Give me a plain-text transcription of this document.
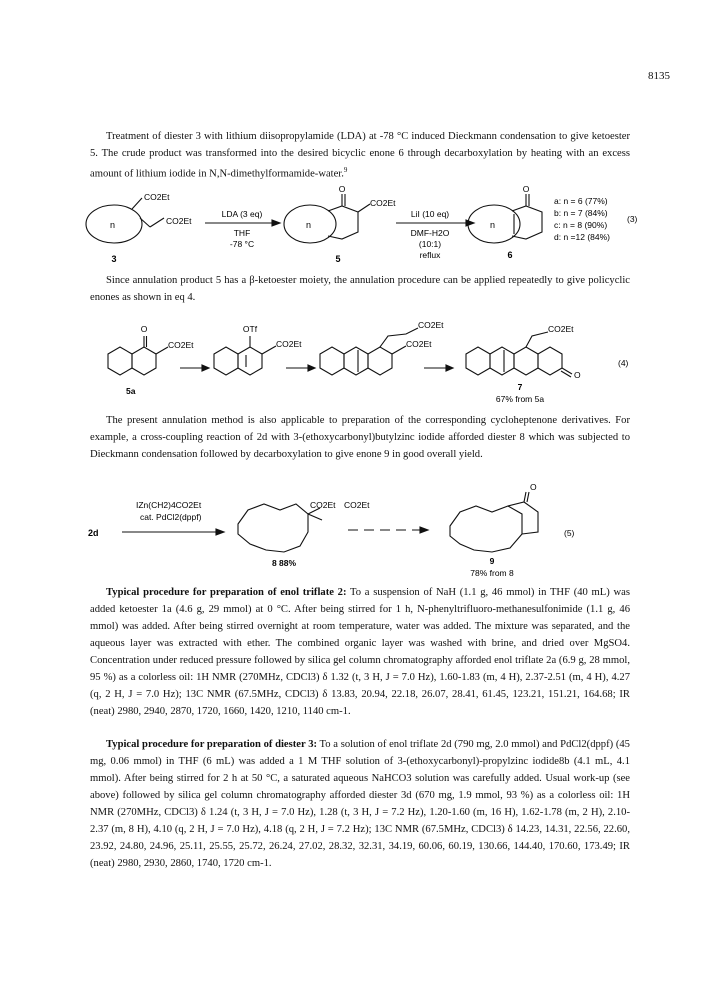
8135

Treatment of diester 3 with lithium diisopropylamide (LDA) at -78 °C induced Dieckmann condensation to give ketoester 5. The crude product was transformed into the desired bicyclic enone 6 through decarboxylation by heating with an excess amount of lithium iodide in N,N-dimethylformamide-water.$^9$

CO2Et
CO2Et
n
3
LDA (3 eq)
THF
-78 °C
n
CO2Et
O
5
LiI (10 eq)
DMF-H2O
(10:1)
reflux
n
O
6
a: n = 6 (77%)
b: n = 7 (84%)
c: n = 8 (90%)
d: n =12 (84%)
(3)

Since annulation product 5 has a β-ketoester moiety, the annulation procedure can be applied repeatedly to give policyclic enones as shown in eq 4.

O
CO2Et
5a
OTf
CO2Et
CO2Et
CO2Et
CO2Et
O
(4)
7
67% from 5a

The present annulation method is also applicable to preparation of the corresponding cycloheptenone derivatives. For example, a cross-coupling reaction of 2d with 3-(ethoxycarbonyl)butylzinc iodide afforded diester 8 which was subjected to Dieckmann condensation followed by decarboxylation to give enone 9 in good overall yield.

2d
IZn(CH2)4CO2Et
cat. PdCl2(dppf)
CO2Et CO2Et
8 88%
O
9
78% from 8
(5)

Typical procedure for preparation of enol triflate 2: To a suspension of NaH (1.1 g, 46 mmol) in THF (40 mL) was added ketoester 1a (4.6 g, 29 mmol) at 0 °C. After being stirred for 1 h, N-phenyltrifluoro-methanesulfonimide (1.1 g, 46 mmol) was added. After being stirred overnight at room temperature, water was added. The mixture was separated, and the aqueous layer was extracted with ether. The combined organic layer was washed with brine, and dried over MgSO4. Concentration under reduced pressure followed by silica gel column chromatography afforded enol triflate 2a (6.9 g, 28 mmol, 95 %) as a colorless oil: 1H NMR (270MHz, CDCl3) δ 1.32 (t, 3 H, J = 7.0 Hz), 1.60-1.83 (m, 4 H), 2.37-2.51 (m, 4 H), 4.27 (q, 2 H, J = 7.0 Hz); 13C NMR (67.5MHz, CDCl3) δ 13.83, 20.94, 22.18, 26.07, 28.41, 61.45, 123.21, 151.21, 164.68; IR (neat) 2980, 2940, 2870, 1720, 1660, 1420, 1210, 1140 cm-1.

Typical procedure for preparation of diester 3: To a solution of enol triflate 2d (790 mg, 2.0 mmol) and PdCl2(dppf) (45 mg, 0.06 mmol) in THF (6 mL) was added a 1 M THF solution of 3-(ethoxycarbonyl)-propylzinc iodide8b (4.1 mL, 4.1 mmol). After being stirred for 2 h at 50 °C, a saturated aqueous NaHCO3 solution was carefully added. Usual work-up (see above) followed by silica gel column chromatography afforded diester 3d (670 mg, 1.9 mmol, 93 %) as a colorless oil: 1H NMR (270MHz, CDCl3) δ 1.24 (t, 3 H, J = 7.0 Hz), 1.28 (t, 3 H, J = 7.2 Hz), 1.20-1.60 (m, 16 H), 1.62-1.78 (m, 2 H), 2.10-2.37 (m, 8 H), 4.10 (q, 2 H, J = 7.0 Hz), 4.18 (q, 2 H, J = 7.2 Hz); 13C NMR (67.5MHz, CDCl3) δ 14.23, 14.31, 22.56, 22.60, 23.92, 24.80, 24.96, 25.11, 25.55, 25.72, 26.24, 27.02, 28.32, 32.31, 34.19, 60.06, 60.19, 130.66, 144.40, 170.60, 173.49; IR (neat) 2980, 2930, 2860, 1740, 1720 cm-1.
